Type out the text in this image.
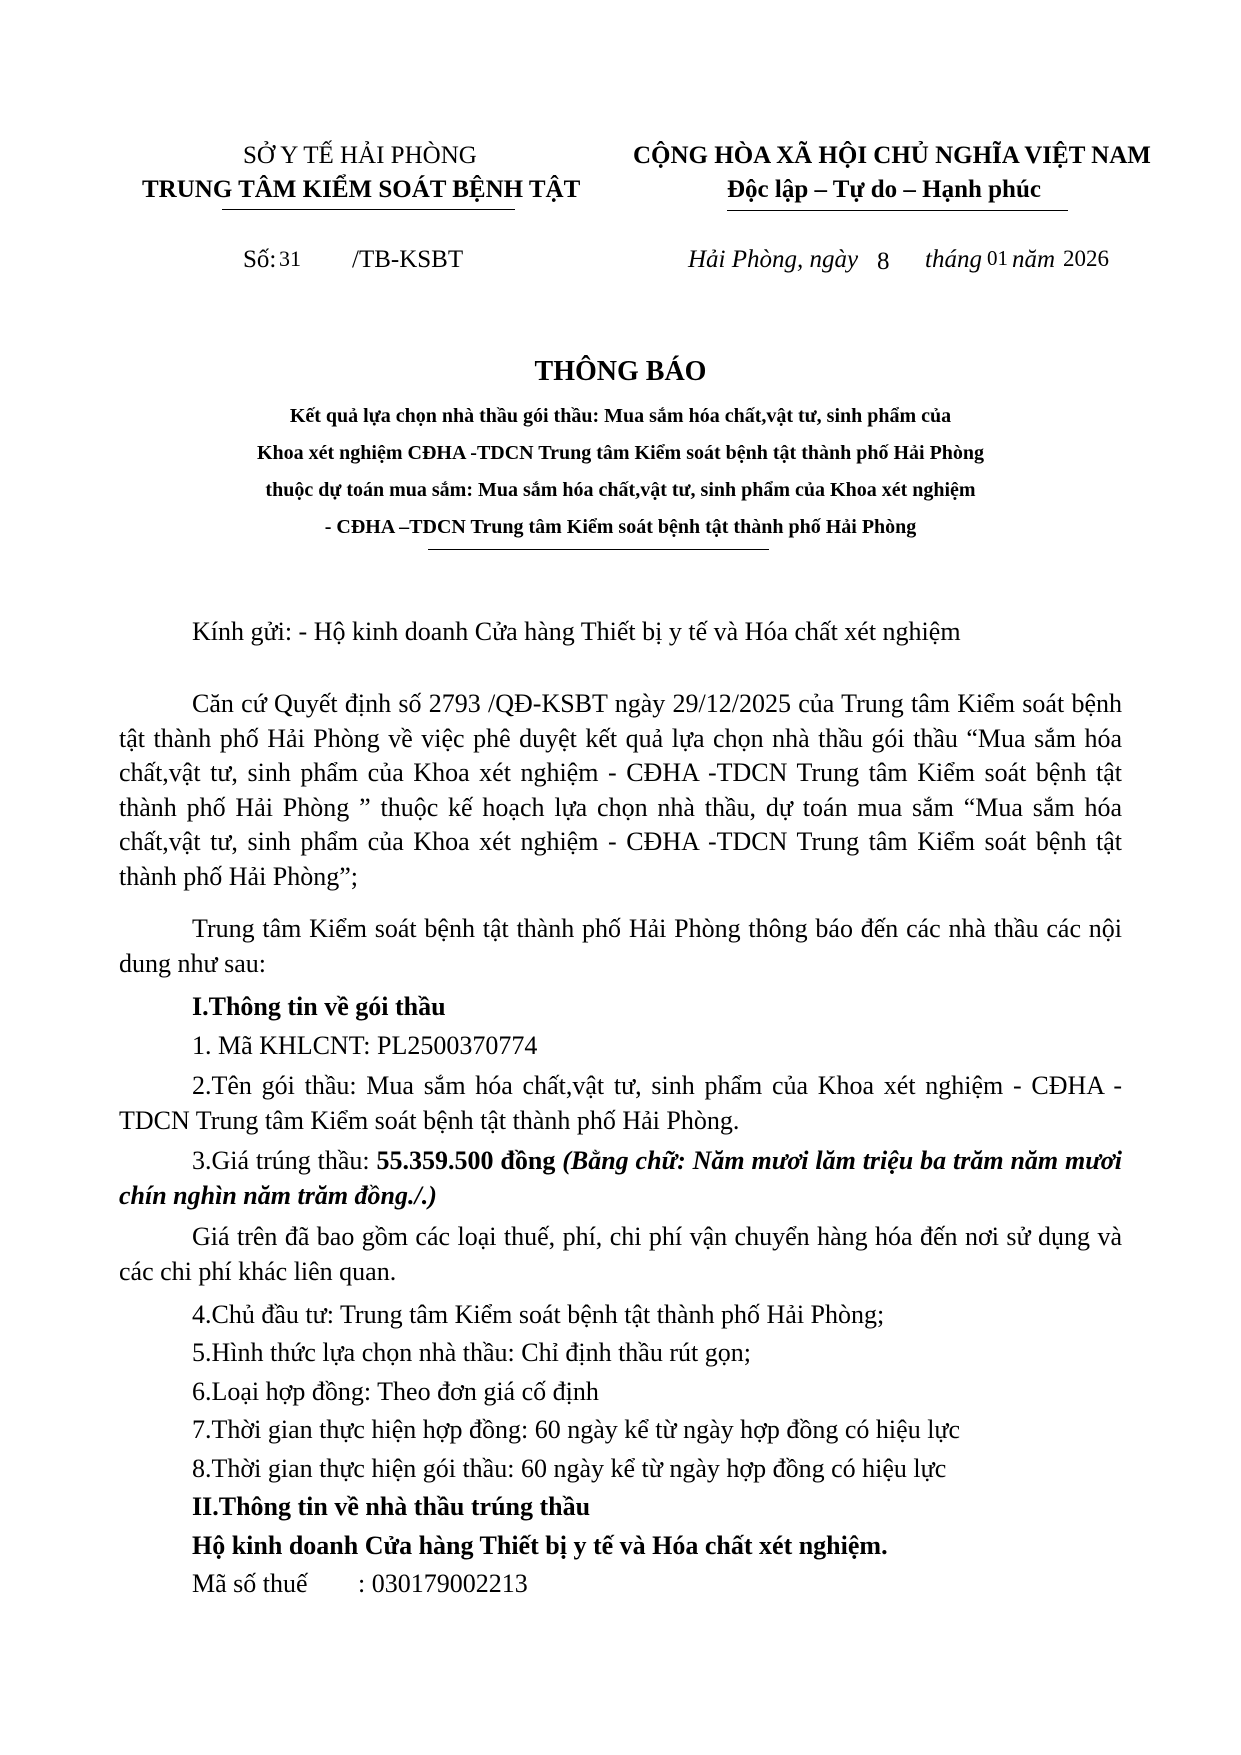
SỞ Y TẾ HẢI PHÒNG
TRUNG TÂM KIỂM SOÁT BỆNH TẬT
CỘNG HÒA XÃ HỘI CHỦ NGHĨA VIỆT NAM
Độc lập – Tự do – Hạnh phúc
Số: 31 /TB-KSBT	Hải Phòng, ngày 8 tháng 01 năm 2026
THÔNG BÁO
Kết quả lựa chọn nhà thầu gói thầu: Mua sắm hóa chất,vật tư, sinh phẩm của
Khoa xét nghiệm CĐHA -TDCN Trung tâm Kiểm soát bệnh tật thành phố Hải Phòng
thuộc dự toán mua sắm: Mua sắm hóa chất,vật tư, sinh phẩm của Khoa xét nghiệm
- CĐHA –TDCN Trung tâm Kiểm soát bệnh tật thành phố Hải Phòng
Kính gửi: - Hộ kinh doanh Cửa hàng Thiết bị y tế và Hóa chất xét nghiệm
Căn cứ Quyết định số 2793 /QĐ-KSBT ngày 29/12/2025 của Trung tâm Kiểm soát bệnh tật thành phố Hải Phòng về việc phê duyệt kết quả lựa chọn nhà thầu gói thầu “Mua sắm hóa chất,vật tư, sinh phẩm của Khoa xét nghiệm - CĐHA -TDCN Trung tâm Kiểm soát bệnh tật thành phố Hải Phòng ” thuộc kế hoạch lựa chọn nhà thầu, dự toán mua sắm “Mua sắm hóa chất,vật tư, sinh phẩm của Khoa xét nghiệm - CĐHA -TDCN Trung tâm Kiểm soát bệnh tật thành phố Hải Phòng”;
Trung tâm Kiểm soát bệnh tật thành phố Hải Phòng thông báo đến các nhà thầu các nội dung như sau:
I.Thông tin về gói thầu
1. Mã KHLCNT: PL2500370774
2.Tên gói thầu: Mua sắm hóa chất,vật tư, sinh phẩm của Khoa xét nghiệm - CĐHA -TDCN Trung tâm Kiểm soát bệnh tật thành phố Hải Phòng.
3.Giá trúng thầu: 55.359.500 đồng (Bằng chữ: Năm mươi lăm triệu ba trăm năm mươi chín nghìn năm trăm đồng./.)
Giá trên đã bao gồm các loại thuế, phí, chi phí vận chuyển hàng hóa đến nơi sử dụng và các chi phí khác liên quan.
4.Chủ đầu tư: Trung tâm Kiểm soát bệnh tật thành phố Hải Phòng;
5.Hình thức lựa chọn nhà thầu: Chỉ định thầu rút gọn;
6.Loại hợp đồng: Theo đơn giá cố định
7.Thời gian thực hiện hợp đồng: 60 ngày kể từ ngày hợp đồng có hiệu lực
8.Thời gian thực hiện gói thầu: 60 ngày kể từ ngày hợp đồng có hiệu lực
II.Thông tin về nhà thầu trúng thầu
Hộ kinh doanh Cửa hàng Thiết bị y tế và Hóa chất xét nghiệm.
Mã số thuế : 030179002213
